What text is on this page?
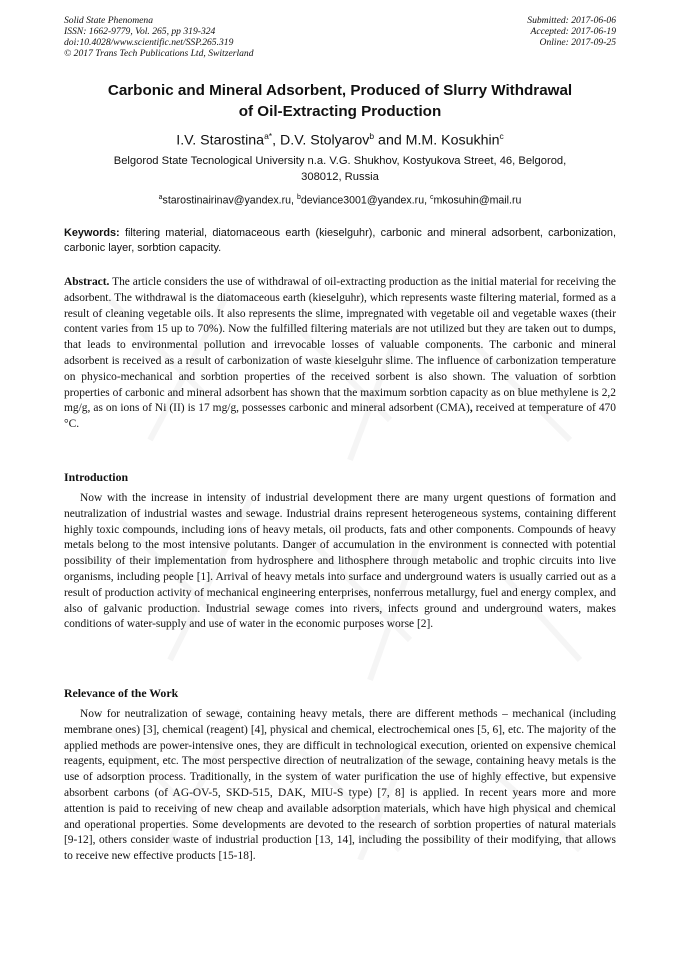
Solid State Phenomena
ISSN: 1662-9779, Vol. 265, pp 319-324
doi:10.4028/www.scientific.net/SSP.265.319
© 2017 Trans Tech Publications Ltd, Switzerland
Submitted: 2017-06-06
Accepted: 2017-06-19
Online: 2017-09-25
Carbonic and Mineral Adsorbent, Produced of Slurry Withdrawal
of Oil-Extracting Production
I.V. Starostina$^{a*}$, D.V. Stolyarov$^b$ and M.M. Kosukhin$^c$
Belgorod State Tecnological University n.a. V.G. Shukhov, Kostyukova Street, 46, Belgorod,
308012, Russia
$^a$starostinairinav@yandex.ru, $^b$deviance3001@yandex.ru, $^c$mkosuhin@mail.ru
Keywords: filtering material, diatomaceous earth (kieselguhr), carbonic and mineral adsorbent, carbonization, carbonic layer, sorbtion capacity.

Abstract. The article considers the use of withdrawal of oil-extracting production as the initial material for receiving the adsorbent. The withdrawal is the diatomaceous earth (kieselguhr), which represents waste filtering material, formed as a result of cleaning vegetable oils. It also represents the slime, impregnated with vegetable oil and vegetable waxes (their content varies from 15 up to 70%). Now the fulfilled filtering materials are not utilized but they are taken out to dumps, that leads to environmental pollution and irrevocable losses of valuable components. The carbonic and mineral adsorbent is received as a result of carbonization of waste kieselguhr slime. The influence of carbonization temperature on physico-mechanical and sorbtion properties of the received sorbent is also shown. The valuation of sorbtion properties of carbonic and mineral adsorbent has shown that the maximum sorbtion capacity as on blue methylene is 2,2 mg/g, as on ions of Ni (II) is 17 mg/g, possesses carbonic and mineral adsorbent (CMA), received at temperature of 470 °C.

Introduction

Now with the increase in intensity of industrial development there are many urgent questions of formation and neutralization of industrial wastes and sewage. Industrial drains represent heterogeneous systems, containing different highly toxic compounds, including ions of heavy metals, oil products, fats and other components. Compounds of heavy metals belong to the most intensive polutants. Danger of accumulation in the environment is connected with potential possibility of their implementation from hydrosphere and lithosphere through metabolic and trophic circuits into live organisms, including people [1]. Arrival of heavy metals into surface and underground waters is usually carried out as a result of production activity of mechanical engineering enterprises, nonferrous metallurgy, fuel and energy complex, and also of galvanic production. Industrial sewage comes into rivers, infects ground and underground waters, makes conditions of water-supply and use of water in the economic purposes worse [2].

Relevance of the Work

Now for neutralization of sewage, containing heavy metals, there are different methods – mechanical (including membrane ones) [3], chemical (reagent) [4], physical and chemical, electrochemical ones [5, 6], etc. The majority of the applied methods are power-intensive ones, they are difficult in technological execution, oriented on expensive chemical reagents, equipment, etc. The most perspective direction of neutralization of the sewage, containing heavy metals is the use of adsorption process. Traditionally, in the system of water purification the use of highly effective, but expensive absorbent carbons (of AG-OV-5, SKD-515, DAK, MIU-S type) [7, 8] is applied. In recent years more and more attention is paid to receiving of new cheap and available adsorption materials, which have high physical and chemical and operational properties. Some developments are devoted to the research of sorbtion properties of natural materials [9-12], others consider waste of industrial production [13, 14], including the possibility of their modifying, that allows to receive new effective products [15-18].
